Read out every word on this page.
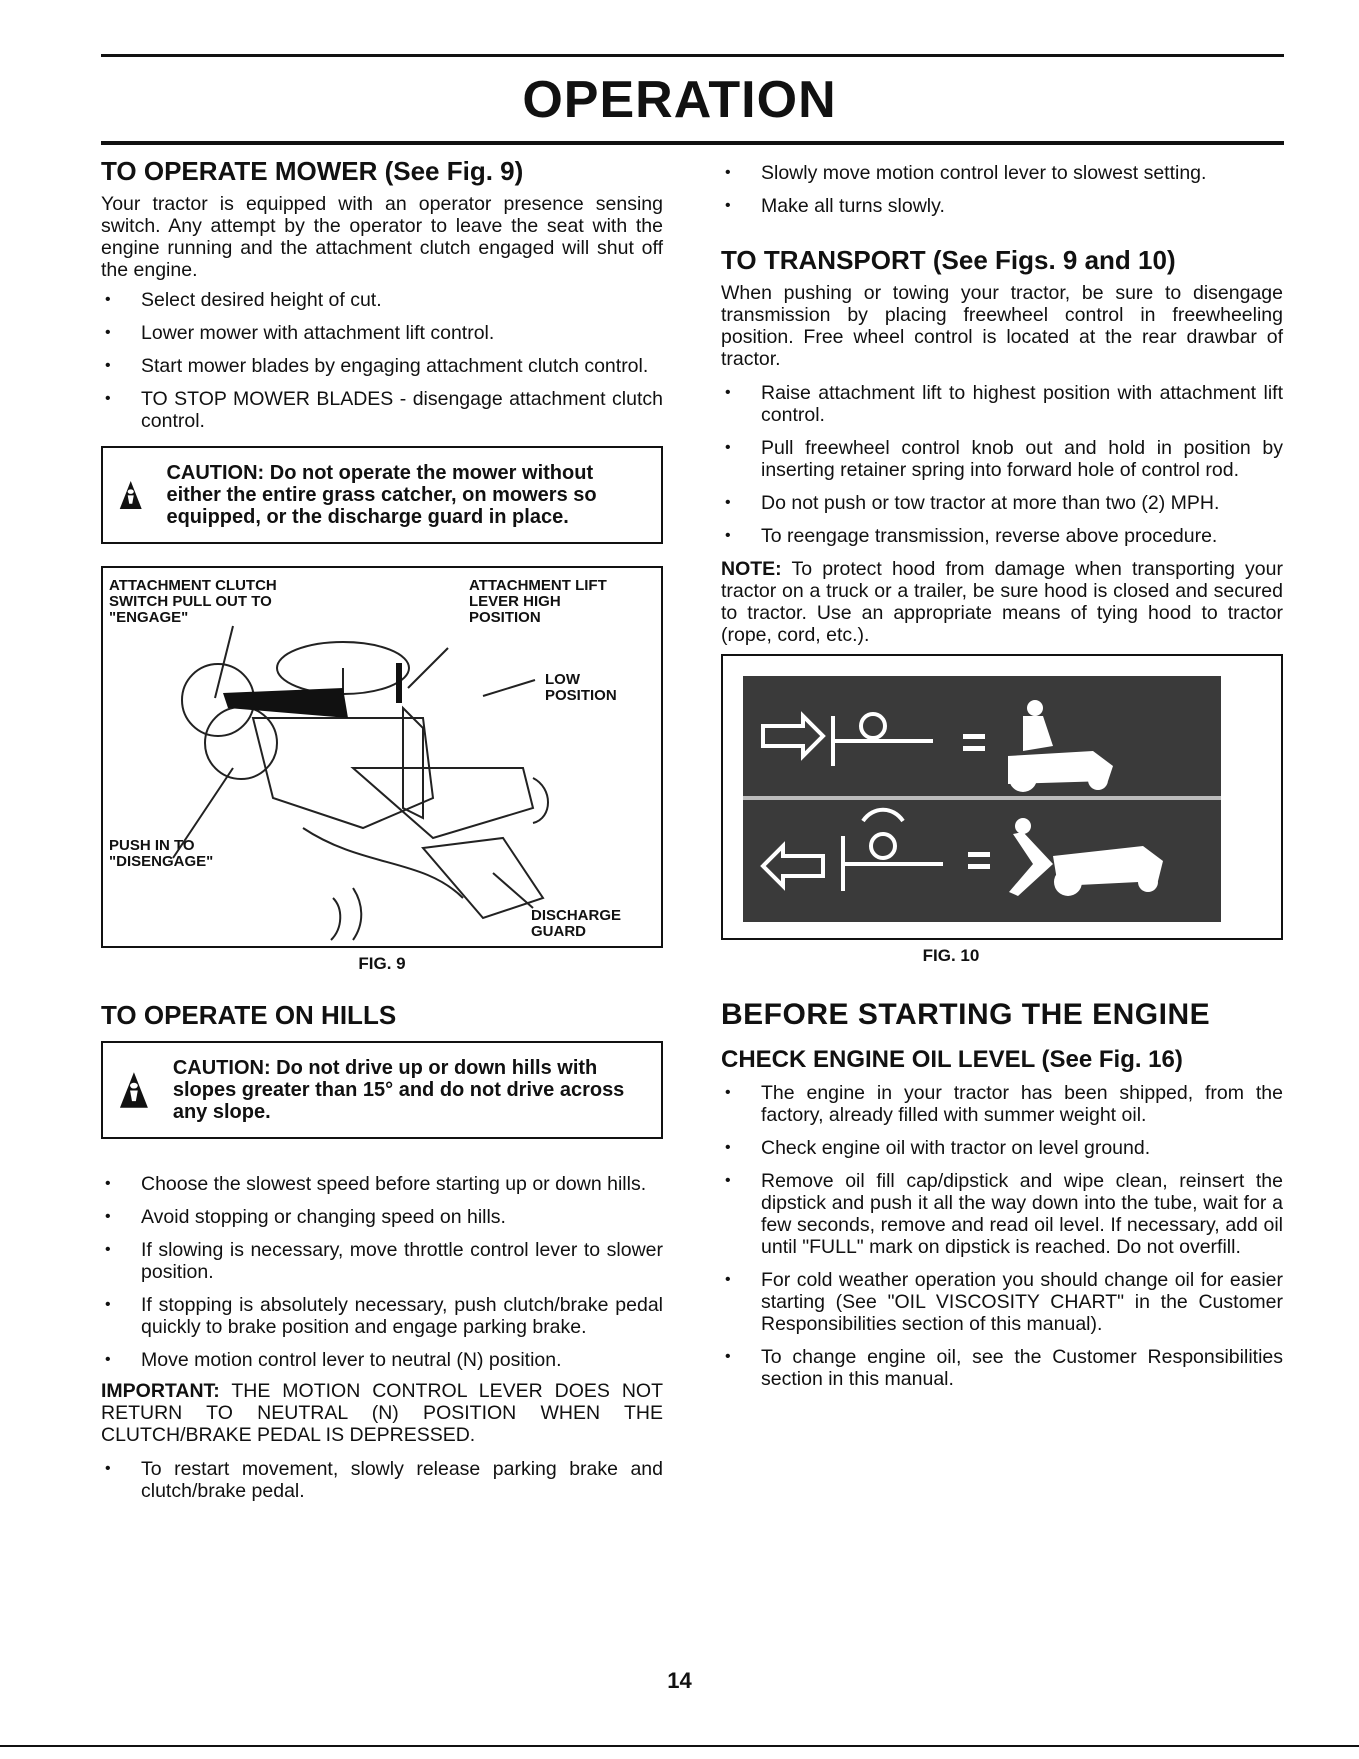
OPERATION
TO OPERATE MOWER (See Fig. 9)

Your tractor is equipped with an operator presence sensing switch. Any attempt by the operator to leave the seat with the engine running and the attachment clutch engaged will shut off the engine.

• Select desired height of cut.
• Lower mower with attachment lift control.
• Start mower blades by engaging attachment clutch control.
• TO STOP MOWER BLADES - disengage attachment clutch control.
CAUTION: Do not operate the mower without either the entire grass catcher, on mowers so equipped, or the discharge guard in place.
ATTACHMENT CLUTCH SWITCH PULL OUT TO "ENGAGE"
ATTACHMENT LIFT LEVER HIGH POSITION
LOW POSITION
PUSH IN TO "DISENGAGE"
DISCHARGE GUARD
FIG. 9
TO OPERATE ON HILLS
CAUTION: Do not drive up or down hills with slopes greater than 15° and do not drive across any slope.
• Choose the slowest speed before starting up or down hills.
• Avoid stopping or changing speed on hills.
• If slowing is necessary, move throttle control lever to slower position.
• If stopping is absolutely necessary, push clutch/brake pedal quickly to brake position and engage parking brake.
• Move motion control lever to neutral (N) position.

IMPORTANT: THE MOTION CONTROL LEVER DOES NOT RETURN TO NEUTRAL (N) POSITION WHEN THE CLUTCH/BRAKE PEDAL IS DEPRESSED.

• To restart movement, slowly release parking brake and clutch/brake pedal.
• Slowly move motion control lever to slowest setting.
• Make all turns slowly.
TO TRANSPORT (See Figs. 9 and 10)

When pushing or towing your tractor, be sure to disengage transmission by placing freewheel control in freewheeling position. Free wheel control is located at the rear drawbar of tractor.

• Raise attachment lift to highest position with attachment lift control.
• Pull freewheel control knob out and hold in position by inserting retainer spring into forward hole of control rod.
• Do not push or tow tractor at more than two (2) MPH.
• To reengage transmission, reverse above procedure.

NOTE: To protect hood from damage when transporting your tractor on a truck or a trailer, be sure hood is closed and secured to tractor. Use an appropriate means of tying hood to tractor (rope, cord, etc.).

FIG. 10
BEFORE STARTING THE ENGINE
CHECK ENGINE OIL LEVEL (See Fig. 16)
• The engine in your tractor has been shipped, from the factory, already filled with summer weight oil.
• Check engine oil with tractor on level ground.
• Remove oil fill cap/dipstick and wipe clean, reinsert the dipstick and push it all the way down into the tube, wait for a few seconds, remove and read oil level. If necessary, add oil until "FULL" mark on dipstick is reached. Do not overfill.
• For cold weather operation you should change oil for easier starting (See "OIL VISCOSITY CHART" in the Customer Responsibilities section of this manual).
• To change engine oil, see the Customer Responsibilities section in this manual.
14
